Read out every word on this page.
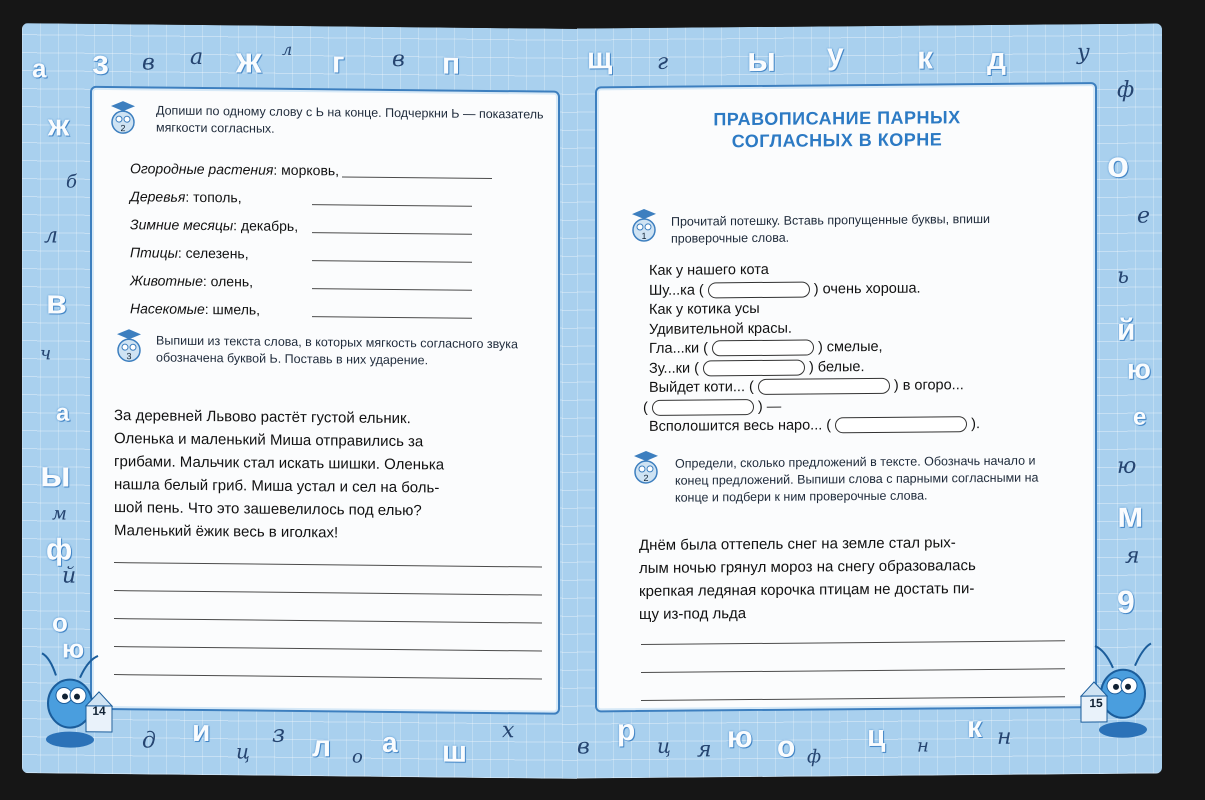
а з в а ж л г в п
ж
б
л
в
ч
а
ы
м
ф
й
о
ю
2
Допиши по одному слову с Ь на конце. Подчеркни Ь — показатель мягкости согласных.
Огородные растения: морковь,
Деревья: тополь,
Зимние месяцы: декабрь,
Птицы: селезень,
Животные: олень,
Насекомые: шмель,
3
Выпиши из текста слова, в которых мягкость согласного звука обозначена буквой Ь. Поставь в них ударение.
За деревней Львово растёт густой ельник.
Оленька и маленький Миша отправились за
грибами. Мальчик стал искать шишки. Оленька
нашла белый гриб. Миша устал и сел на боль-
шой пень. Что это зашевелилось под елью?
Маленький ёжик весь в иголках!
14
д и
ц
з л о а ш
х
щ г ы у к д	у
ф
о
е
ь
й
ю
е
ю
м
я
9
ПРАВОПИСАНИЕ ПАРНЫХ
СОГЛАСНЫХ В КОРНЕ
1
Прочитай потешку. Вставь пропущенные буквы, впиши проверочные слова.
Как у нашего кота
Шу...ка (	) очень хороша.
Как у котика усы
Удивительной красы.
Гла...ки (	) смелые,
Зу...ки (	) белые.
Выйдет коти... (	) в огоро...
(	) —
Всполошится весь наро... (	).
2
Определи, сколько предложений в тексте. Обозначь начало и конец предложений. Выпиши слова с парными согласными на конце и подбери к ним проверочные слова.
Днём была оттепель снег на земле стал рых-
лым ночью грянул мороз на снегу образовалась
крепкая ледяная корочка птицам не достать пи-
щу из-под льда
15
в р ц я ю о ф
ц н
к н
